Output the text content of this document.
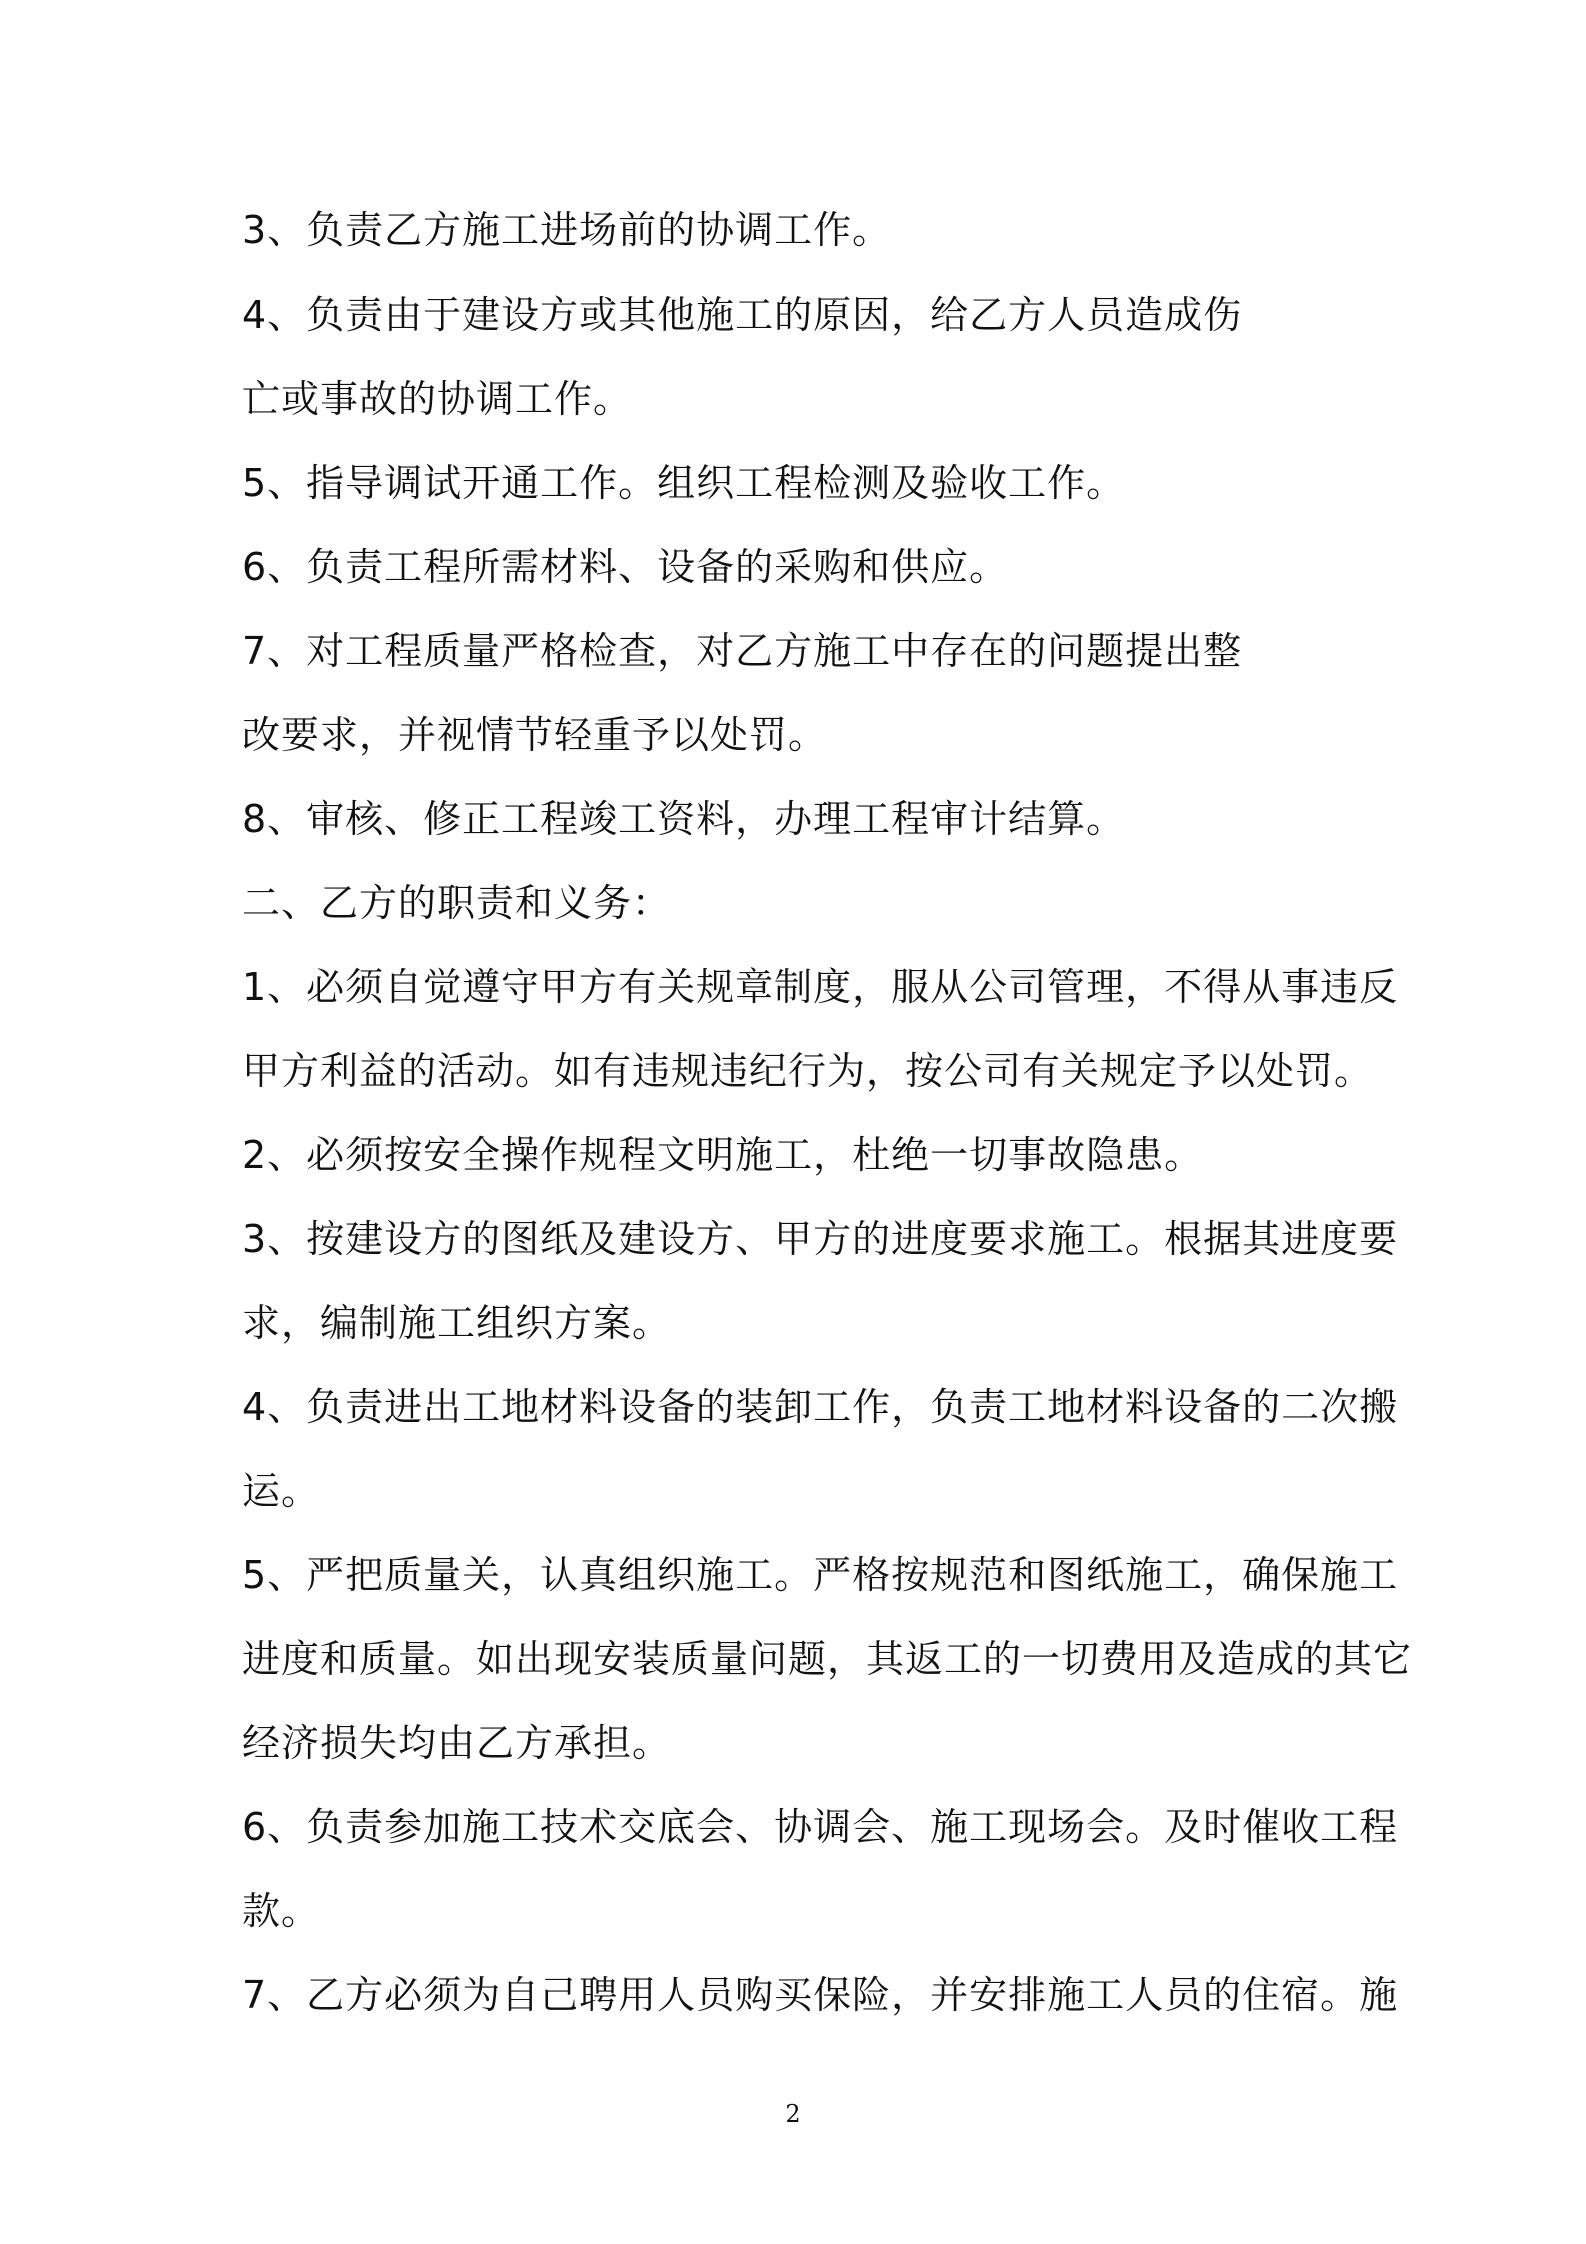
3、负责乙方施工进场前的协调工作。
4、负责由于建设方或其他施工的原因，给乙方人员造成伤
亡或事故的协调工作。
5、指导调试开通工作。组织工程检测及验收工作。
6、负责工程所需材料、设备的采购和供应。
7、对工程质量严格检查，对乙方施工中存在的问题提出整
改要求，并视情节轻重予以处罚。
8、审核、修正工程竣工资料，办理工程审计结算。
二、乙方的职责和义务：
1、必须自觉遵守甲方有关规章制度，服从公司管理，不得从事违反
甲方利益的活动。如有违规违纪行为，按公司有关规定予以处罚。
2、必须按安全操作规程文明施工，杜绝一切事故隐患。
3、按建设方的图纸及建设方、甲方的进度要求施工。根据其进度要
求，编制施工组织方案。
4、负责进出工地材料设备的装卸工作，负责工地材料设备的二次搬
运。
5、严把质量关，认真组织施工。严格按规范和图纸施工，确保施工
进度和质量。如出现安装质量问题，其返工的一切费用及造成的其它
经济损失均由乙方承担。
6、负责参加施工技术交底会、协调会、施工现场会。及时催收工程
款。
7、乙方必须为自己聘用人员购买保险，并安排施工人员的住宿。施
2
